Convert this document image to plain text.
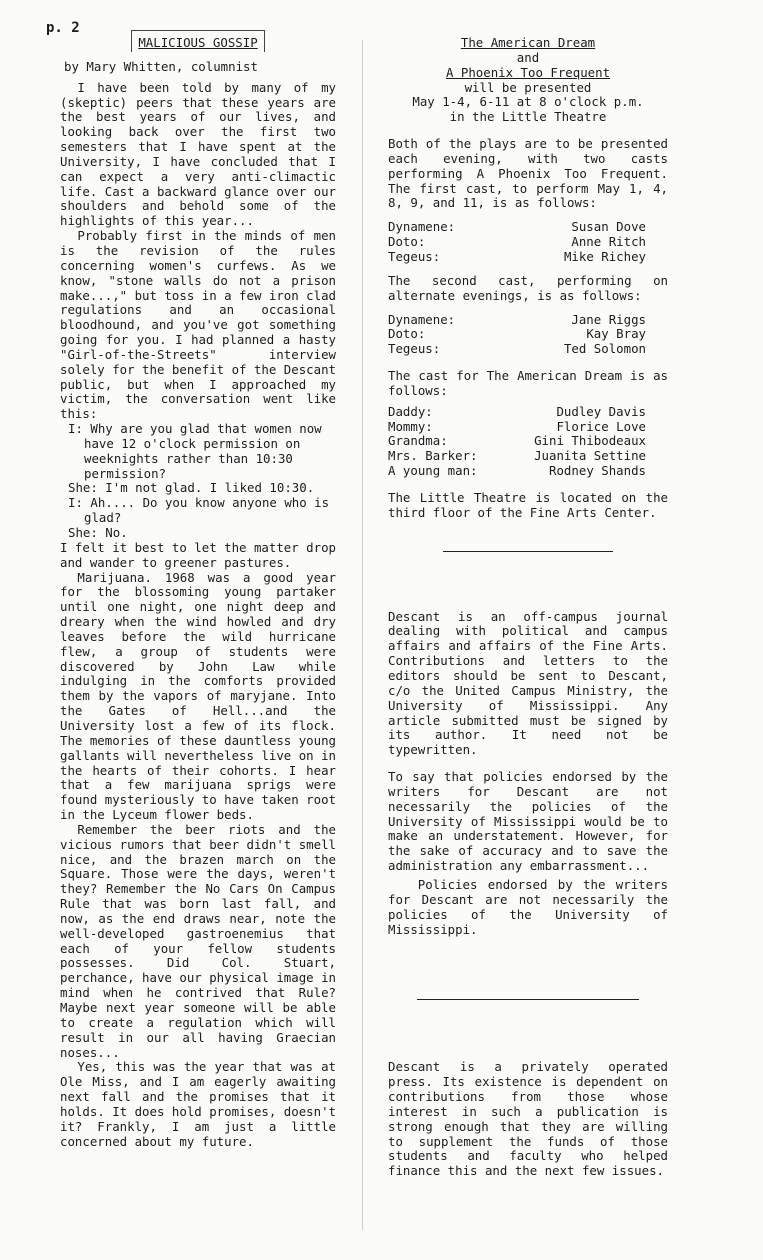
p. 2
MALICIOUS GOSSIP
by Mary Whitten, columnist

I have been told by many of my (skeptic) peers that these years are the best years of our lives, and looking back over the first two semesters that I have spent at the University, I have concluded that I can expect a very anti-climactic life. Cast a backward glance over our shoulders and behold some of the highlights of this year...

Probably first in the minds of men is the revision of the rules concerning women's curfews. As we know, "stone walls do not a prison make...," but toss in a few iron clad regulations and an occasional bloodhound, and you've got something going for you. I had planned a hasty "Girl-of-the-Streets" interview solely for the benefit of the Descant public, but when I approached my victim, the conversation went like this:

I: Why are you glad that women now have 12 o'clock permission on weeknights rather than 10:30 permission?

She: I'm not glad. I liked 10:30.

I: Ah.... Do you know anyone who is glad?

She: No.

I felt it best to let the matter drop and wander to greener pastures.

Marijuana. 1968 was a good year for the blossoming young partaker until one night, one night deep and dreary when the wind howled and dry leaves before the wild hurricane flew, a group of students were discovered by John Law while indulging in the comforts provided them by the vapors of maryjane. Into the Gates of Hell...and the University lost a few of its flock. The memories of these dauntless young gallants will nevertheless live on in the hearts of their cohorts. I hear that a few marijuana sprigs were found mysteriously to have taken root in the Lyceum flower beds.

Remember the beer riots and the vicious rumors that beer didn't smell nice, and the brazen march on the Square. Those were the days, weren't they? Remember the No Cars On Campus Rule that was born last fall, and now, as the end draws near, note the well-developed gastroenemius that each of your fellow students possesses. Did Col. Stuart, perchance, have our physical image in mind when he contrived that Rule? Maybe next year someone will be able to create a regulation which will result in our all having Graecian noses...

Yes, this was the year that was at Ole Miss, and I am eagerly awaiting next fall and the promises that it holds. It does hold promises, doesn't it? Frankly, I am just a little concerned about my future.

The American Dream
and
A Phoenix Too Frequent
will be presented
May 1-4, 6-11 at 8 o'clock p.m.
in the Little Theatre

Both of the plays are to be presented each evening, with two casts performing A Phoenix Too Frequent. The first cast, to perform May 1, 4, 8, 9, and 11, is as follows:

Dynamene:	Susan Dove
Doto:	Anne Ritch
Tegeus:	Mike Richey

The second cast, performing on alternate evenings, is as follows:

Dynamene:	Jane Riggs
Doto:	Kay Bray
Tegeus:	Ted Solomon

The cast for The American Dream is as follows:

Daddy:	Dudley Davis
Mommy:	Florice Love
Grandma:	Gini Thibodeaux
Mrs. Barker:	Juanita Settine
A young man:	Rodney Shands

The Little Theatre is located on the third floor of the Fine Arts Center.

Descant is an off-campus journal dealing with political and campus affairs and affairs of the Fine Arts. Contributions and letters to the editors should be sent to Descant, c/o the United Campus Ministry, the University of Mississippi. Any article submitted must be signed by its author. It need not be typewritten.

To say that policies endorsed by the writers for Descant are not necessarily the policies of the University of Mississippi would be to make an understatement. However, for the sake of accuracy and to save the administration any embarrassment...

Policies endorsed by the writers for Descant are not necessarily the policies of the University of Mississippi.

Descant is a privately operated press. Its existence is dependent on contributions from those whose interest in such a publication is strong enough that they are willing to supplement the funds of those students and faculty who helped finance this and the next few issues.
